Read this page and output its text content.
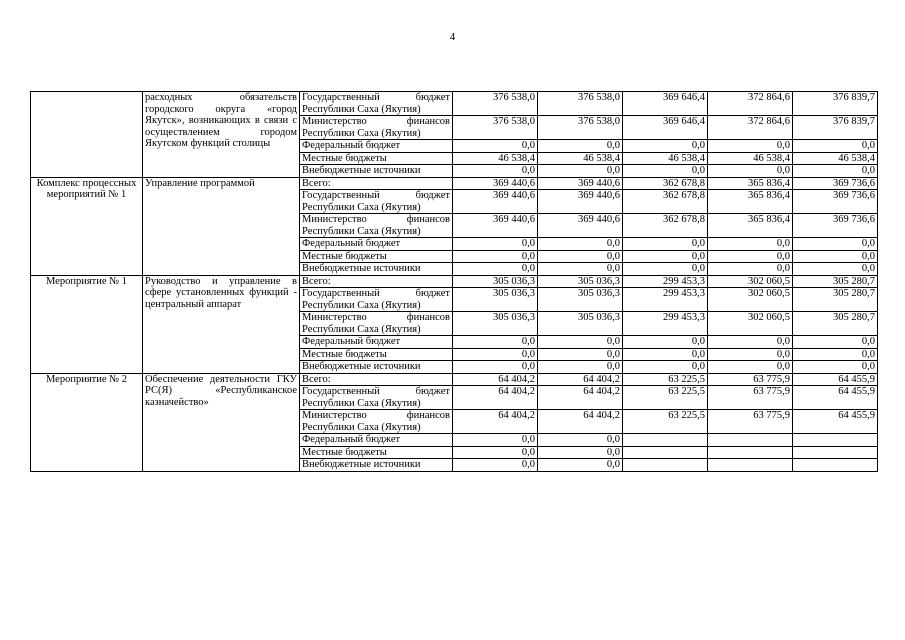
4
	расходных обязательств городского округа «город Якутск», возникающих в связи с осуществлением городом Якутском функций столицы	Государственный бюджет Республики Саха (Якутия)	376 538,0	376 538,0	369 646,4	372 864,6	376 839,7
		Министерство финансов Республики Саха (Якутия)	376 538,0	376 538,0	369 646,4	372 864,6	376 839,7
		Федеральный бюджет	0,0	0,0	0,0	0,0	0,0
		Местные бюджеты	46 538,4	46 538,4	46 538,4	46 538,4	46 538,4
		Внебюджетные источники	0,0	0,0	0,0	0,0	0,0
Комплекс процессных мероприятий № 1	Управление программой	Всего:	369 440,6	369 440,6	362 678,8	365 836,4	369 736,6
		Государственный бюджет Республики Саха (Якутия)	369 440,6	369 440,6	362 678,8	365 836,4	369 736,6
		Министерство финансов Республики Саха (Якутия)	369 440,6	369 440,6	362 678,8	365 836,4	369 736,6
		Федеральный бюджет	0,0	0,0	0,0	0,0	0,0
		Местные бюджеты	0,0	0,0	0,0	0,0	0,0
		Внебюджетные источники	0,0	0,0	0,0	0,0	0,0
Мероприятие № 1	Руководство и управление в сфере установленных функций - центральный аппарат	Всего:	305 036,3	305 036,3	299 453,3	302 060,5	305 280,7
		Государственный бюджет Республики Саха (Якутия)	305 036,3	305 036,3	299 453,3	302 060,5	305 280,7
		Министерство финансов Республики Саха (Якутия)	305 036,3	305 036,3	299 453,3	302 060,5	305 280,7
		Федеральный бюджет	0,0	0,0	0,0	0,0	0,0
		Местные бюджеты	0,0	0,0	0,0	0,0	0,0
		Внебюджетные источники	0,0	0,0	0,0	0,0	0,0
Мероприятие № 2	Обеспечение деятельности ГКУ РС(Я) «Республиканское казначейство»	Всего:	64 404,2	64 404,2	63 225,5	63 775,9	64 455,9
		Государственный бюджет Республики Саха (Якутия)	64 404,2	64 404,2	63 225,5	63 775,9	64 455,9
		Министерство финансов Республики Саха (Якутия)	64 404,2	64 404,2	63 225,5	63 775,9	64 455,9
		Федеральный бюджет	0,0	0,0			
		Местные бюджеты	0,0	0,0			
		Внебюджетные источники	0,0	0,0			
